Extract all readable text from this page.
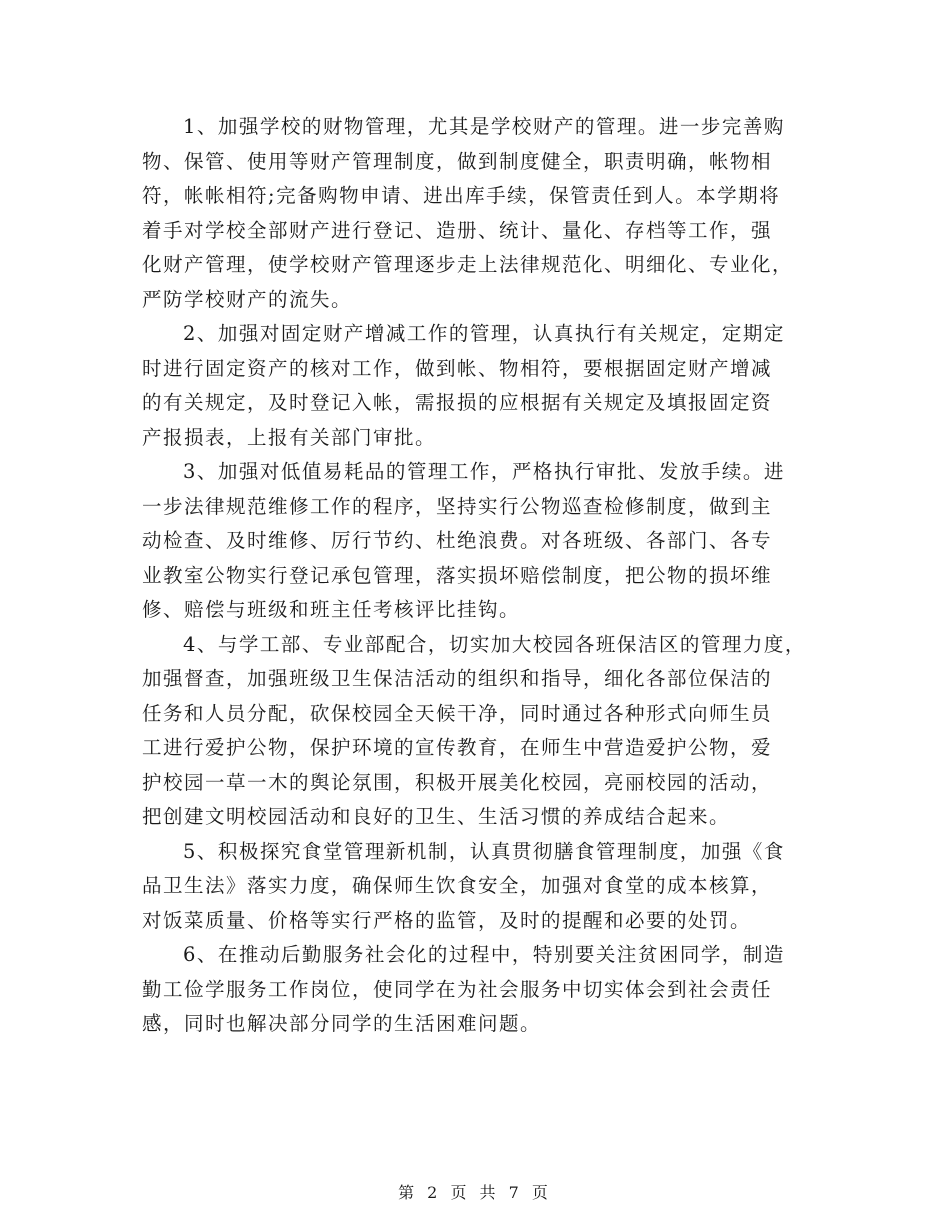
1、加强学校的财物管理，尤其是学校财产的管理。进一步完善购
物、保管、使用等财产管理制度，做到制度健全，职责明确，帐物相
符，帐帐相符;完备购物申请、进出库手续，保管责任到人。本学期将
着手对学校全部财产进行登记、造册、统计、量化、存档等工作，强
化财产管理，使学校财产管理逐步走上法律规范化、明细化、专业化，
严防学校财产的流失。
2、加强对固定财产增减工作的管理，认真执行有关规定，定期定
时进行固定资产的核对工作，做到帐、物相符，要根据固定财产增减
的有关规定，及时登记入帐，需报损的应根据有关规定及填报固定资
产报损表，上报有关部门审批。
3、加强对低值易耗品的管理工作，严格执行审批、发放手续。进
一步法律规范维修工作的程序，坚持实行公物巡查检修制度，做到主
动检查、及时维修、厉行节约、杜绝浪费。对各班级、各部门、各专
业教室公物实行登记承包管理，落实损坏赔偿制度，把公物的损坏维
修、赔偿与班级和班主任考核评比挂钩。
4、与学工部、专业部配合，切实加大校园各班保洁区的管理力度，
加强督查，加强班级卫生保洁活动的组织和指导，细化各部位保洁的
任务和人员分配，砍保校园全天候干净，同时通过各种形式向师生员
工进行爱护公物，保护环境的宣传教育，在师生中营造爱护公物，爱
护校园一草一木的舆论氛围，积极开展美化校园，亮丽校园的活动，
把创建文明校园活动和良好的卫生、生活习惯的养成结合起来。
5、积极探究食堂管理新机制，认真贯彻膳食管理制度，加强《食
品卫生法》落实力度，确保师生饮食安全，加强对食堂的成本核算，
对饭菜质量、价格等实行严格的监管，及时的提醒和必要的处罚。
6、在推动后勤服务社会化的过程中，特别要关注贫困同学，制造
勤工俭学服务工作岗位，使同学在为社会服务中切实体会到社会责任
感，同时也解决部分同学的生活困难问题。
第 2 页 共 7 页
